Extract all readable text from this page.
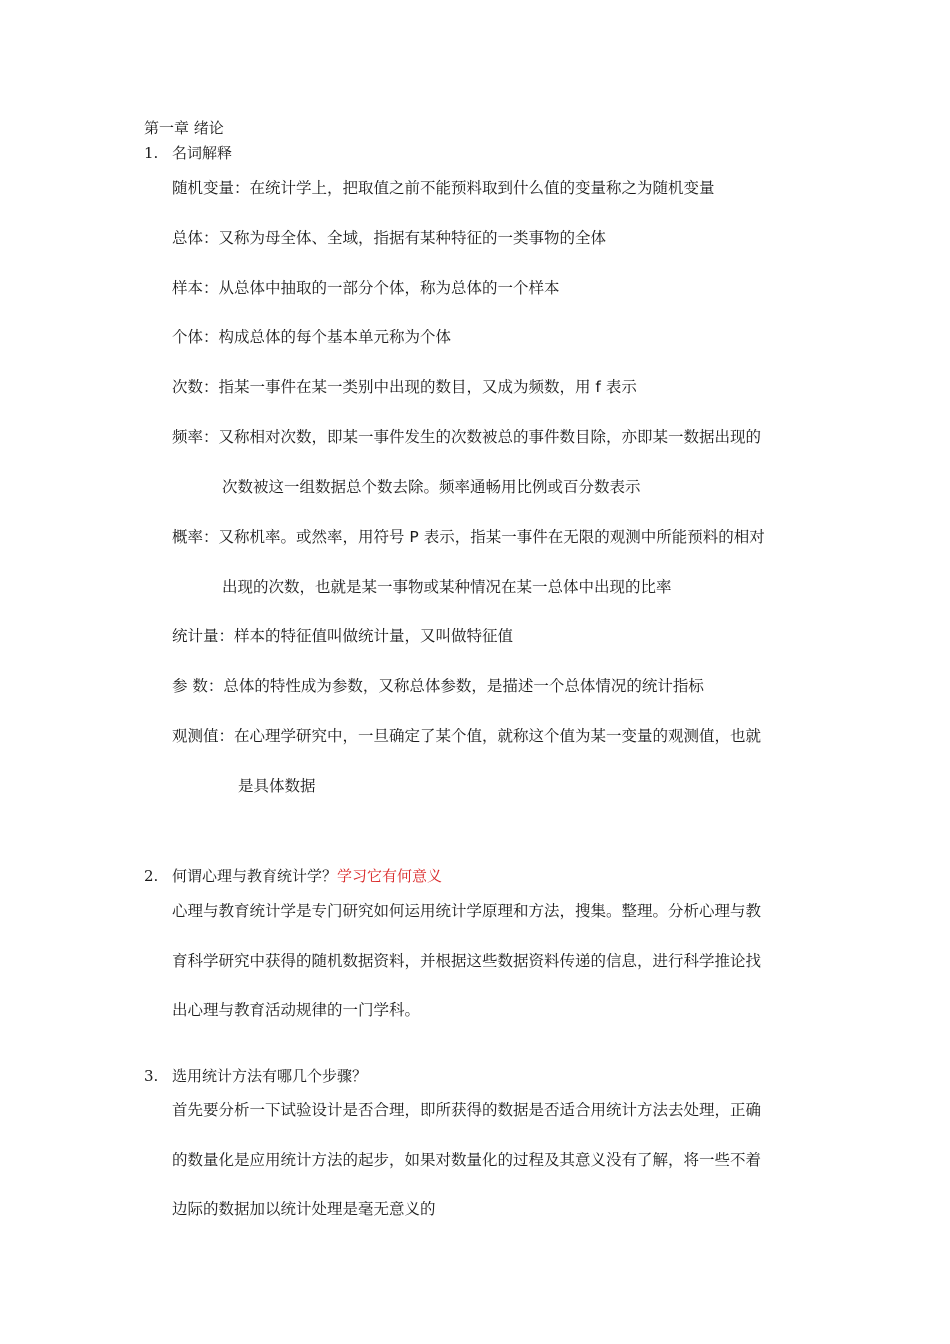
第一章 绪论
1. 名词解释
随机变量：在统计学上，把取值之前不能预料取到什么值的变量称之为随机变量
总体：又称为母全体、全域，指据有某种特征的一类事物的全体
样本：从总体中抽取的一部分个体，称为总体的一个样本
个体：构成总体的每个基本单元称为个体
次数：指某一事件在某一类别中出现的数目，又成为频数，用 f 表示
频率：又称相对次数，即某一事件发生的次数被总的事件数目除，亦即某一数据出现的
次数被这一组数据总个数去除。频率通畅用比例或百分数表示
概率：又称机率。或然率，用符号 P 表示，指某一事件在无限的观测中所能预料的相对
出现的次数，也就是某一事物或某种情况在某一总体中出现的比率
统计量：样本的特征值叫做统计量，又叫做特征值
参 数：总体的特性成为参数，又称总体参数，是描述一个总体情况的统计指标
观测值：在心理学研究中，一旦确定了某个值，就称这个值为某一变量的观测值，也就
是具体数据
2. 何谓心理与教育统计学？学习它有何意义
心理与教育统计学是专门研究如何运用统计学原理和方法，搜集。整理。分析心理与教
育科学研究中获得的随机数据资料，并根据这些数据资料传递的信息，进行科学推论找
出心理与教育活动规律的一门学科。
3. 选用统计方法有哪几个步骤？
首先要分析一下试验设计是否合理，即所获得的数据是否适合用统计方法去处理，正确
的数量化是应用统计方法的起步，如果对数量化的过程及其意义没有了解，将一些不着
边际的数据加以统计处理是毫无意义的
